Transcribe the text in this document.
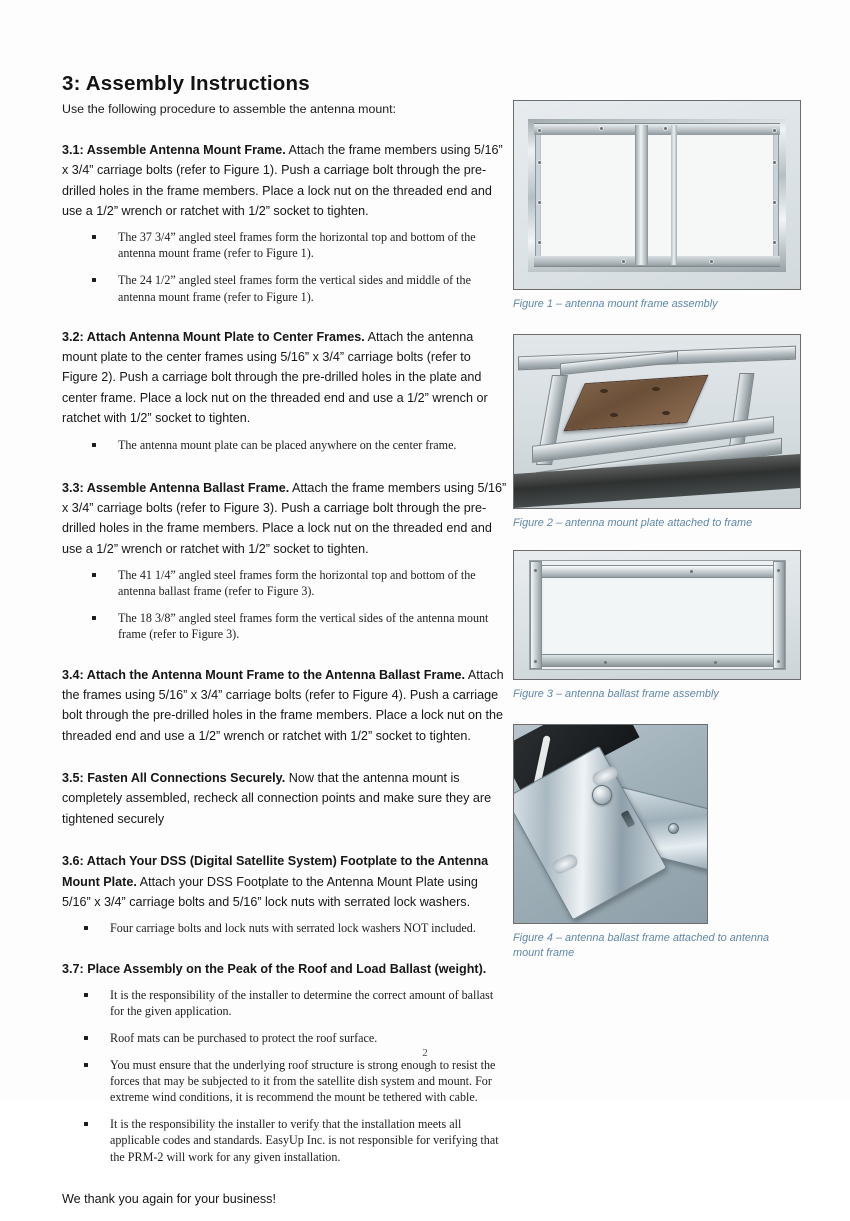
3: Assembly Instructions

Use the following procedure to assemble the antenna mount:

3.1: Assemble Antenna Mount Frame. Attach the frame members using 5/16” x 3/4” carriage bolts (refer to Figure 1). Push a carriage bolt through the pre-drilled holes in the frame members. Place a lock nut on the threaded end and use a 1/2” wrench or ratchet with 1/2” socket to tighten.

The 37 3/4” angled steel frames form the horizontal top and bottom of the antenna mount frame (refer to Figure 1).
The 24 1/2” angled steel frames form the vertical sides and middle of the antenna mount frame (refer to Figure 1).

3.2: Attach Antenna Mount Plate to Center Frames. Attach the antenna mount plate to the center frames using 5/16” x 3/4” carriage bolts (refer to Figure 2). Push a carriage bolt through the pre-drilled holes in the plate and center frame. Place a lock nut on the threaded end and use a 1/2” wrench or ratchet with 1/2” socket to tighten.

The antenna mount plate can be placed anywhere on the center frame.

3.3: Assemble Antenna Ballast Frame. Attach the frame members using 5/16” x 3/4” carriage bolts (refer to Figure 3). Push a carriage bolt through the pre-drilled holes in the frame members. Place a lock nut on the threaded end and use a 1/2” wrench or ratchet with 1/2” socket to tighten.

The 41 1/4” angled steel frames form the horizontal top and bottom of the antenna ballast frame (refer to Figure 3).
The 18 3/8” angled steel frames form the vertical sides of the antenna mount frame (refer to Figure 3).

3.4: Attach the Antenna Mount Frame to the Antenna Ballast Frame. Attach the frames using 5/16” x 3/4” carriage bolts (refer to Figure 4). Push a carriage bolt through the pre-drilled holes in the frame members. Place a lock nut on the threaded end and use a 1/2” wrench or ratchet with 1/2” socket to tighten.

3.5: Fasten All Connections Securely. Now that the antenna mount is completely assembled, recheck all connection points and make sure they are tightened securely

3.6: Attach Your DSS (Digital Satellite System) Footplate to the Antenna Mount Plate. Attach your DSS Footplate to the Antenna Mount Plate using 5/16” x 3/4” carriage bolts and 5/16” lock nuts with serrated lock washers.

Four carriage bolts and lock nuts with serrated lock washers NOT included.

3.7: Place Assembly on the Peak of the Roof and Load Ballast (weight).

It is the responsibility of the installer to determine the correct amount of ballast for the given application.
Roof mats can be purchased to protect the roof surface.
You must ensure that the underlying roof structure is strong enough to resist the forces that may be subjected to it from the satellite dish system and mount. For extreme wind conditions, it is recommend the mount be tethered with cable.
It is the responsibility the installer to verify that the installation meets all applicable codes and standards. EasyUp Inc. is not responsible for verifying that the PRM-2 will work for any given installation.

We thank you again for your business!

Figure 1 – antenna mount frame assembly
Figure 2 – antenna mount plate attached to frame
Figure 3 – antenna ballast frame assembly
Figure 4 – antenna ballast frame attached to antenna mount frame
2
